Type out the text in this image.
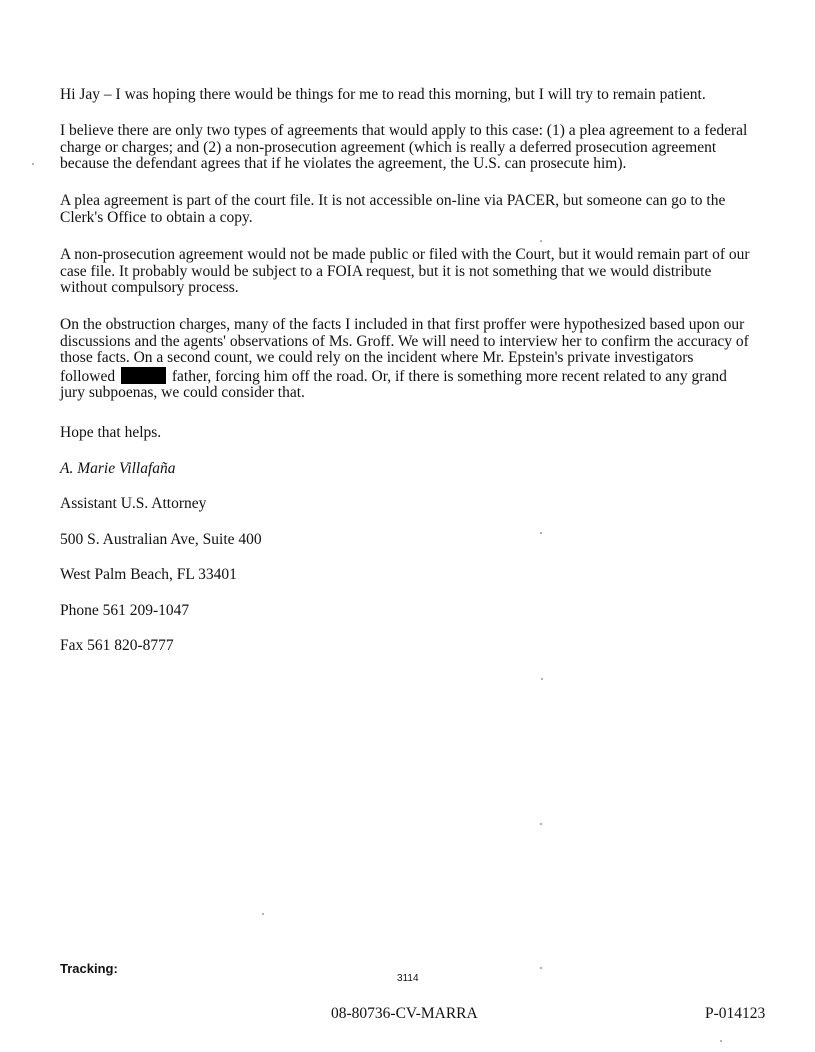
Hi Jay – I was hoping there would be things for me to read this morning, but I will try to remain patient.

I believe there are only two types of agreements that would apply to this case: (1) a plea agreement to a federal
charge or charges; and (2) a non-prosecution agreement (which is really a deferred prosecution agreement
because the defendant agrees that if he violates the agreement, the U.S. can prosecute him).

A plea agreement is part of the court file. It is not accessible on-line via PACER, but someone can go to the
Clerk's Office to obtain a copy.

A non-prosecution agreement would not be made public or filed with the Court, but it would remain part of our
case file. It probably would be subject to a FOIA request, but it is not something that we would distribute
without compulsory process.

On the obstruction charges, many of the facts I included in that first proffer were hypothesized based upon our
discussions and the agents' observations of Ms. Groff. We will need to interview her to confirm the accuracy of
those facts. On a second count, we could rely on the incident where Mr. Epstein's private investigators
followed	father, forcing him off the road. Or, if there is something more recent related to any grand
jury subpoenas, we could consider that.

Hope that helps.

A. Marie Villafaña

Assistant U.S. Attorney

500 S. Australian Ave, Suite 400

West Palm Beach, FL 33401

Phone 561 209-1047

Fax 561 820-8777

Tracking:

3114

08-80736-CV-MARRA	P-014123
